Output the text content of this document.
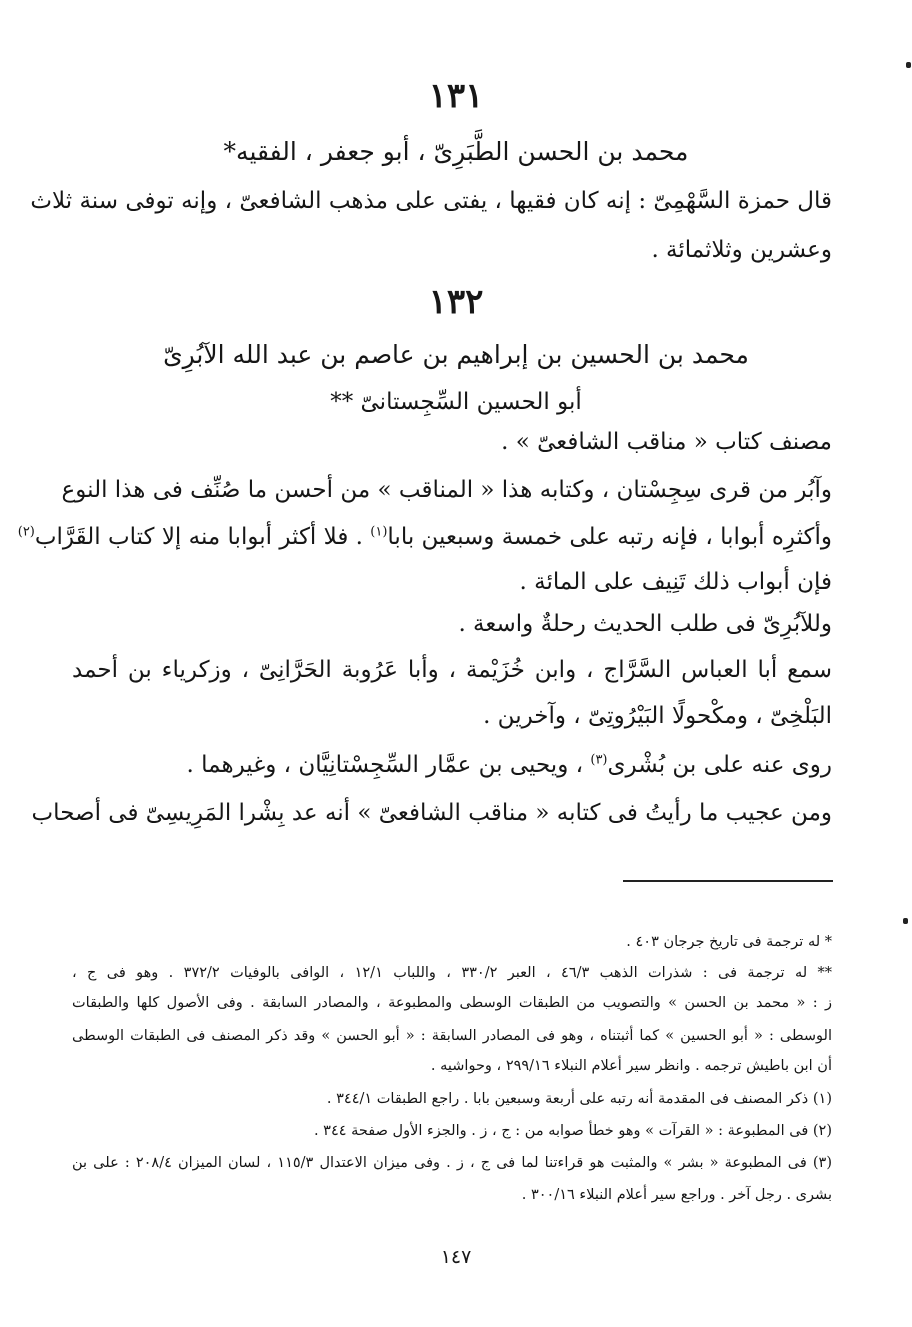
١٣١
محمد بن الحسن الطَّبَرِىّ ، أبو جعفر ، الفقيه*
قال حمزة السَّهْمِىّ : إنه كان فقيها ، يفتى على مذهب الشافعىّ ، وإنه توفى سنة ثلاث
وعشرين وثلاثمائة .
١٣٢
محمد بن الحسين بن إبراهيم بن عاصم بن عبد الله الآبُرِىّ
أبو الحسين السِّجِستانىّ **
مصنف كتاب « مناقب الشافعىّ » .
وآبُر من قرى سِجِسْتان ، وكتابه هذا « المناقب » من أحسن ما صُنِّف فى هذا النوع
وأكثرِه أبوابا ، فإنه رتبه على خمسة وسبعين بابا$^{(١)}$ . فلا أكثر أبوابا منه إلا كتاب القَرَّاب$^{(٢)}$
فإن أبواب ذلك تَنِيف على المائة .
وللآبُرِىّ فى طلب الحديث رحلةٌ واسعة .
سمع أبا العباس السَّرَّاج ، وابن خُزَيْمة ، وأبا عَرُوبة الحَرَّانِىّ ، وزكرياء بن أحمد
البَلْخِىّ ، ومكْحولًا البَيْرُوتِىّ ، وآخرين .
روى عنه على بن بُشْرى$^{(٣)}$ ، ويحيى بن عمَّار السِّجِسْتانِيَّان ، وغيرهما .
ومن عجيب ما رأيتُ فى كتابه « مناقب الشافعىّ » أنه عد بِشْرا المَرِيسِىّ فى أصحاب
* له ترجمة فى تاريخ جرجان ٤٠٣ .
** له ترجمة فى : شذرات الذهب ٤٦/٣ ، العبر ٣٣٠/٢ ، واللباب ١٢/١ ، الوافى بالوفيات ٣٧٢/٢ . وهو فى ج ،
ز : « محمد بن الحسن » والتصويب من الطبقات الوسطى والمطبوعة ، والمصادر السابقة . وفى الأصول كلها والطبقات
الوسطى : « أبو الحسين » كما أثبتناه ، وهو فى المصادر السابقة : « أبو الحسن » وقد ذكر المصنف فى الطبقات الوسطى
أن ابن باطيش ترجمه . وانظر سير أعلام النبلاء ٢٩٩/١٦ ، وحواشيه .
(١) ذكر المصنف فى المقدمة أنه رتبه على أربعة وسبعين بابا . راجع الطبقات ٣٤٤/١ .
(٢) فى المطبوعة : « القرآت » وهو خطأ صوابه من : ج ، ز . والجزء الأول صفحة ٣٤٤ .
(٣) فى المطبوعة « بشر » والمثبت هو قراءتنا لما فى ج ، ز . وفى ميزان الاعتدال ١١٥/٣ ، لسان الميزان ٢٠٨/٤ : على بن
بشرى . رجل آخر . وراجع سير أعلام النبلاء ٣٠٠/١٦ .
١٤٧
